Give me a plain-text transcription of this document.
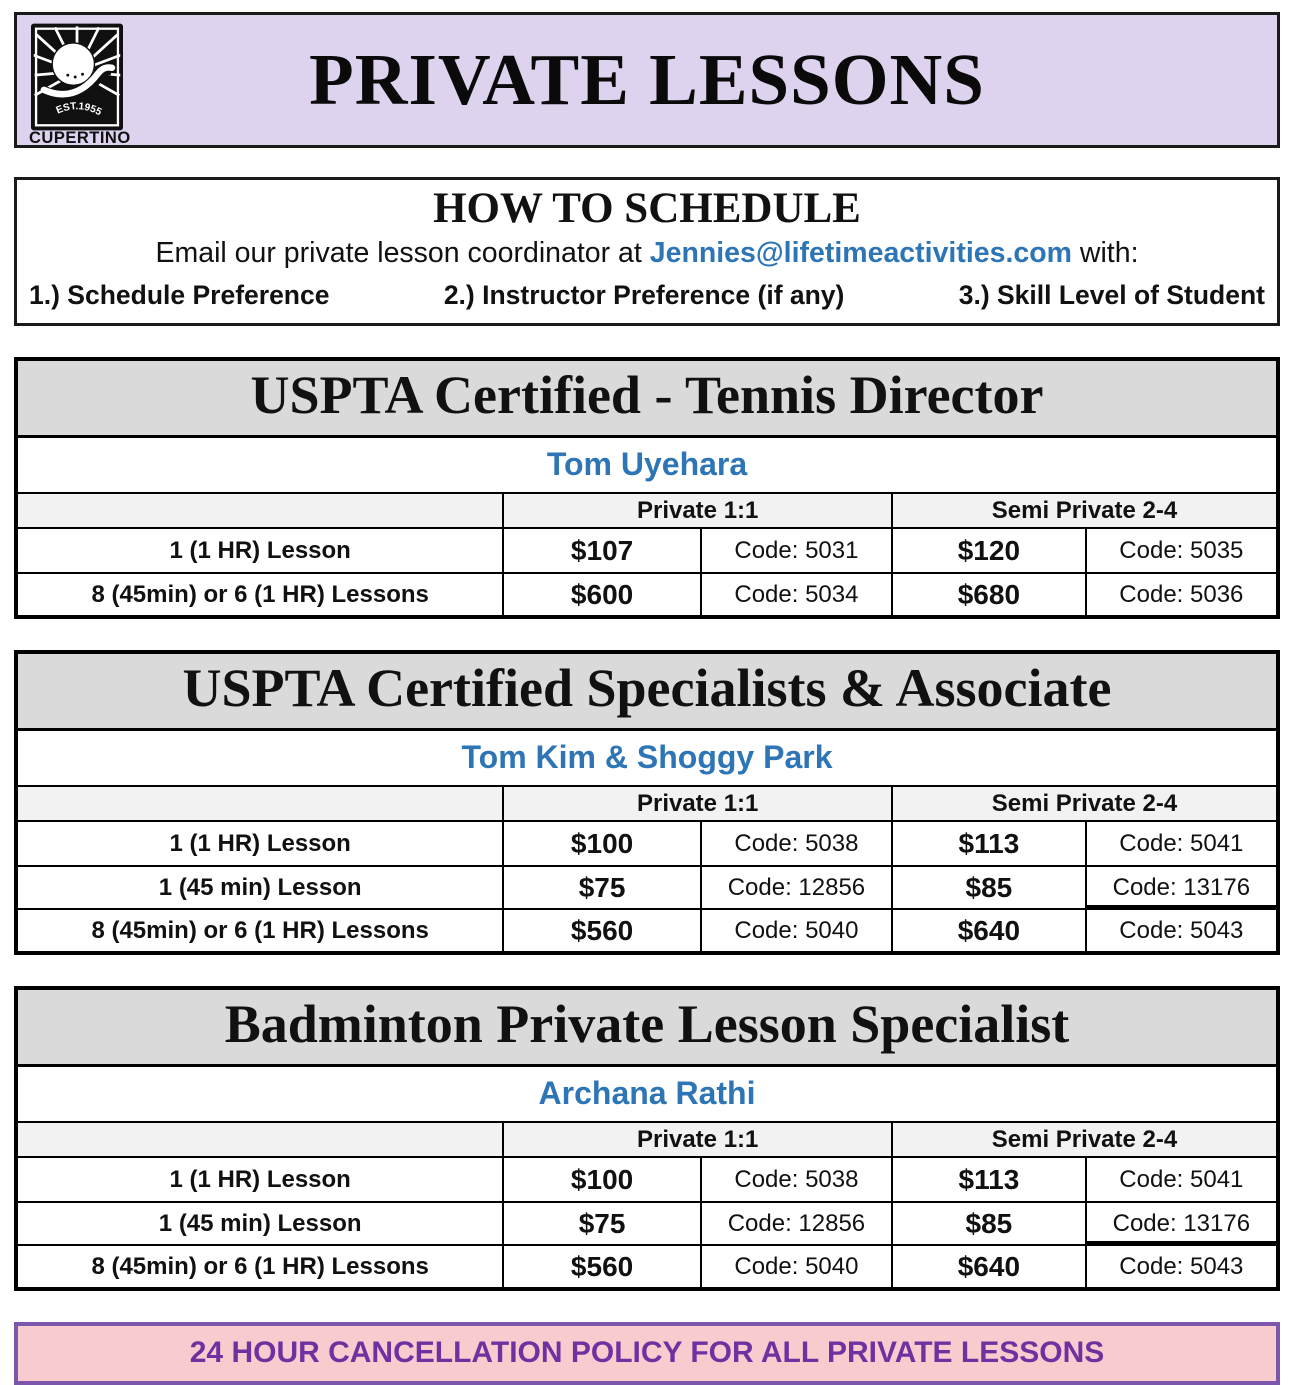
EST.1955
CUPERTINO
PRIVATE LESSONS
HOW TO SCHEDULE

Email our private lesson coordinator at Jennies@lifetimeactivities.com with:

1.) Schedule Preference	2.) Instructor Preference (if any)	3.) Skill Level of Student
USPTA Certified - Tennis Director
Tom Uyehara
Private 1:1	Semi Private 2-4
1 (1 HR) Lesson	$107	Code: 5031	$120	Code: 5035
8 (45min) or 6 (1 HR) Lessons	$600	Code: 5034	$680	Code: 5036
USPTA Certified Specialists & Associate
Tom Kim & Shoggy Park
Private 1:1	Semi Private 2-4
1 (1 HR) Lesson	$100	Code: 5038	$113	Code: 5041
1 (45 min) Lesson	$75	Code: 12856	$85	Code: 13176
8 (45min) or 6 (1 HR) Lessons	$560	Code: 5040	$640	Code: 5043
Badminton Private Lesson Specialist
Archana Rathi
Private 1:1	Semi Private 2-4
1 (1 HR) Lesson	$100	Code: 5038	$113	Code: 5041
1 (45 min) Lesson	$75	Code: 12856	$85	Code: 13176
8 (45min) or 6 (1 HR) Lessons	$560	Code: 5040	$640	Code: 5043
24 HOUR CANCELLATION POLICY FOR ALL PRIVATE LESSONS
